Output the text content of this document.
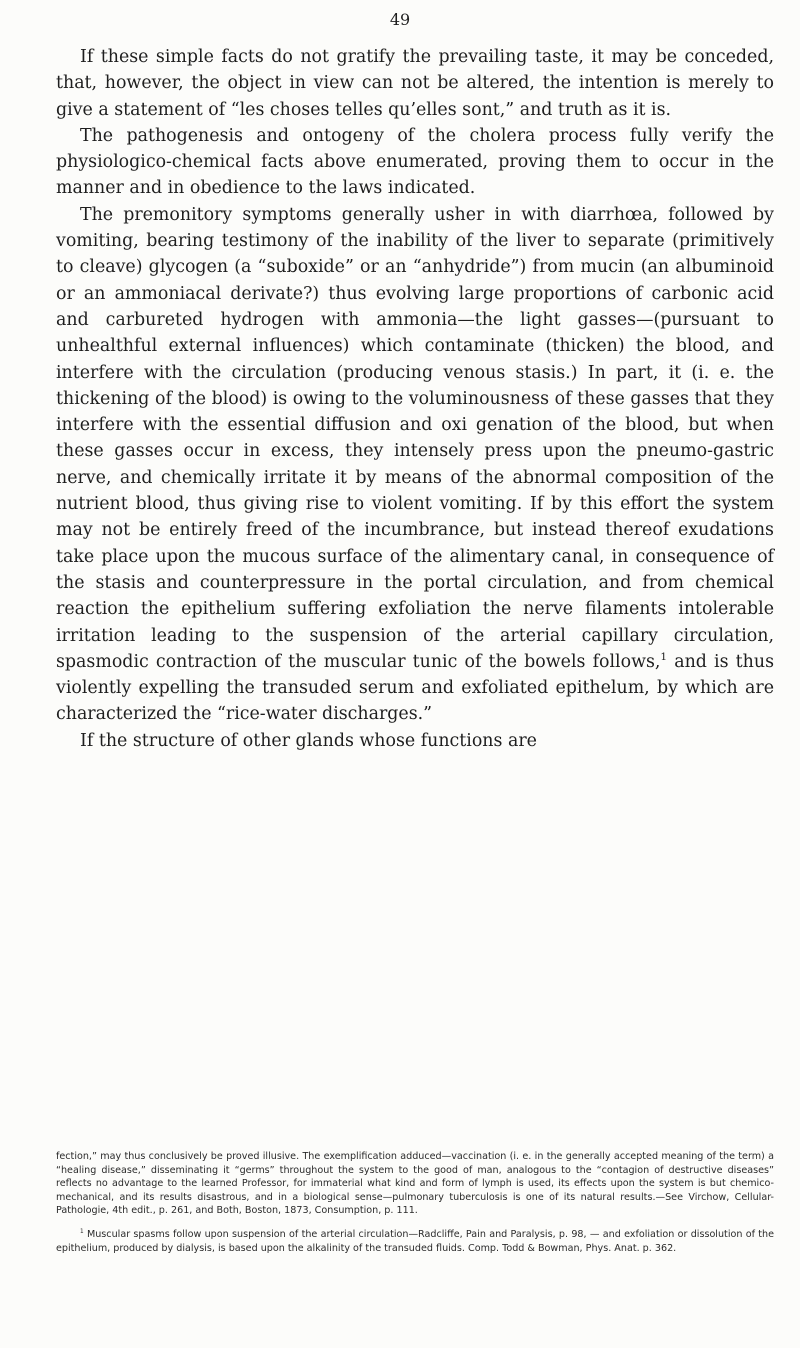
49

If these simple facts do not gratify the prevailing taste, it may be conceded, that, however, the object in view can not be altered, the intention is merely to give a statement of “les choses telles qu’elles sont,” and truth as it is.

The pathogenesis and ontogeny of the cholera process fully verify the physiologico-chemical facts above enumerated, proving them to occur in the manner and in obedience to the laws indicated.

The premonitory symptoms generally usher in with diarrhœa, followed by vomiting, bearing testimony of the inability of the liver to separate (primitively to cleave) glycogen (a “suboxide” or an “anhydride”) from mucin (an albuminoid or an ammoniacal derivate?) thus evolving large proportions of carbonic acid and carbureted hydrogen with ammonia—the light gasses—(pursuant to unhealthful external influences) which contaminate (thicken) the blood, and interfere with the circulation (producing venous stasis.) In part, it (i. e. the thickening of the blood) is owing to the voluminousness of these gasses that they interfere with the essential diffusion and oxi genation of the blood, but when these gasses occur in excess, they intensely press upon the pneumo-gastric nerve, and chemically irritate it by means of the abnormal composition of the nutrient blood, thus giving rise to violent vomiting. If by this effort the system may not be entirely freed of the incumbrance, but instead thereof exudations take place upon the mucous surface of the alimentary canal, in consequence of the stasis and counterpressure in the portal circulation, and from chemical reaction the epithelium suffering exfoliation the nerve filaments intolerable irritation leading to the suspension of the arterial capillary circulation, spasmodic contraction of the muscular tunic of the bowels follows,$^1$ and is thus violently expelling the transuded serum and exfoliated epithelum, by which are characterized the “rice-water discharges.”

If the structure of other glands whose functions are

fection,” may thus conclusively be proved illusive. The exemplification adduced—vaccination (i. e. in the generally accepted meaning of the term) a “healing disease,” disseminating it “germs” throughout the system to the good of man, analogous to the “contagion of destructive diseases” reflects no advantage to the learned Professor, for immaterial what kind and form of lymph is used, its effects upon the system is but chemico-mechanical, and its results disastrous, and in a biological sense—pulmonary tuberculosis is one of its natural results.—See Virchow, Cellular-Pathologie, 4th edit., p. 261, and Both, Boston, 1873, Consumption, p. 111.

$^1$ Muscular spasms follow upon suspension of the arterial circulation—Radcliffe, Pain and Paralysis, p. 98, — and exfoliation or dissolution of the epithelium, produced by dialysis, is based upon the alkalinity of the transuded fluids. Comp. Todd & Bowman, Phys. Anat. p. 362.
